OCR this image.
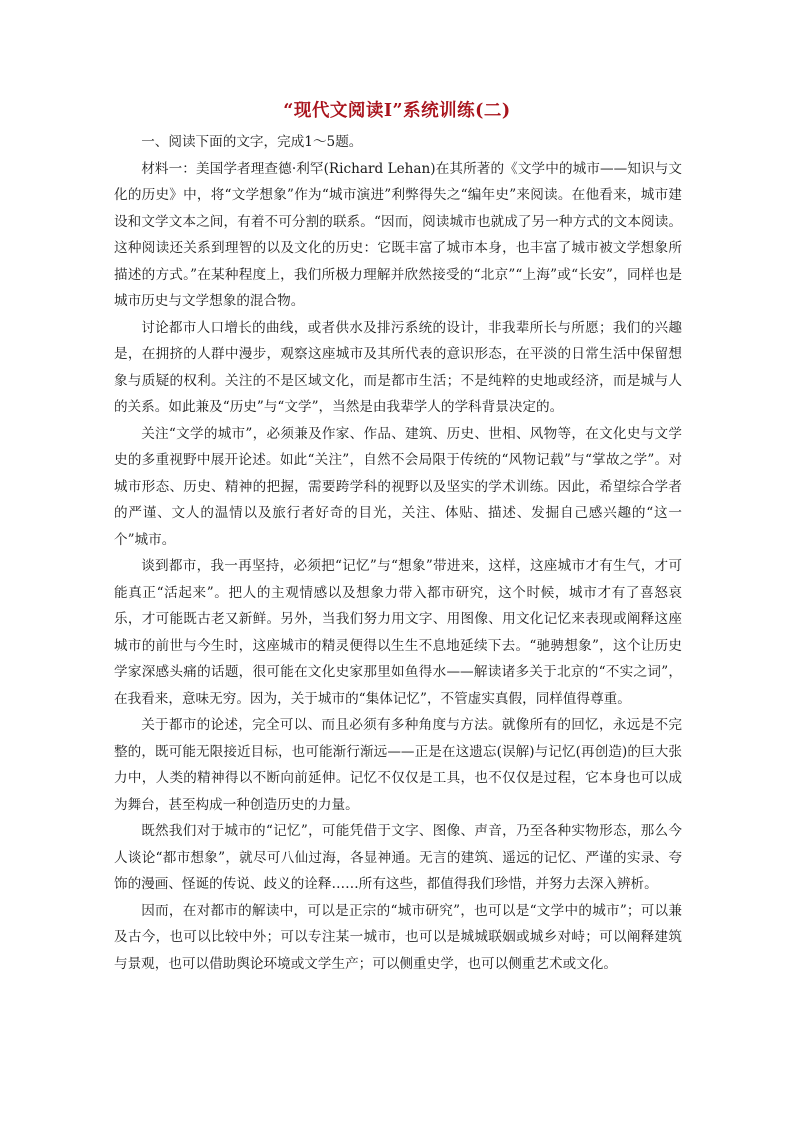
“现代文阅读Ⅰ”系统训练(二)

一、阅读下面的文字，完成1～5题。

材料一：美国学者理查德·利罕(Richard Lehan)在其所著的《文学中的城市——知识与文化的历史》中，将“文学想象”作为“城市演进”利弊得失之“编年史”来阅读。在他看来，城市建设和文学文本之间，有着不可分割的联系。“因而，阅读城市也就成了另一种方式的文本阅读。这种阅读还关系到理智的以及文化的历史：它既丰富了城市本身，也丰富了城市被文学想象所描述的方式。”在某种程度上，我们所极力理解并欣然接受的“北京”“上海”或“长安”，同样也是城市历史与文学想象的混合物。

讨论都市人口增长的曲线，或者供水及排污系统的设计，非我辈所长与所愿；我们的兴趣是，在拥挤的人群中漫步，观察这座城市及其所代表的意识形态，在平淡的日常生活中保留想象与质疑的权利。关注的不是区域文化，而是都市生活；不是纯粹的史地或经济，而是城与人的关系。如此兼及“历史”与“文学”，当然是由我辈学人的学科背景决定的。

关注“文学的城市”，必须兼及作家、作品、建筑、历史、世相、风物等，在文化史与文学史的多重视野中展开论述。如此“关注”，自然不会局限于传统的“风物记载”与“掌故之学”。对城市形态、历史、精神的把握，需要跨学科的视野以及坚实的学术训练。因此，希望综合学者的严谨、文人的温情以及旅行者好奇的目光，关注、体贴、描述、发掘自己感兴趣的“这一个”城市。

谈到都市，我一再坚持，必须把“记忆”与“想象”带进来，这样，这座城市才有生气，才可能真正“活起来”。把人的主观情感以及想象力带入都市研究，这个时候，城市才有了喜怒哀乐，才可能既古老又新鲜。另外，当我们努力用文字、用图像、用文化记忆来表现或阐释这座城市的前世与今生时，这座城市的精灵便得以生生不息地延续下去。“驰骋想象”，这个让历史学家深感头痛的话题，很可能在文化史家那里如鱼得水——解读诸多关于北京的“不实之词”，在我看来，意味无穷。因为，关于城市的“集体记忆”，不管虚实真假，同样值得尊重。

关于都市的论述，完全可以、而且必须有多种角度与方法。就像所有的回忆，永远是不完整的，既可能无限接近目标，也可能渐行渐远——正是在这遗忘(误解)与记忆(再创造)的巨大张力中，人类的精神得以不断向前延伸。记忆不仅仅是工具，也不仅仅是过程，它本身也可以成为舞台，甚至构成一种创造历史的力量。

既然我们对于城市的“记忆”，可能凭借于文字、图像、声音，乃至各种实物形态，那么今人谈论“都市想象”，就尽可八仙过海，各显神通。无言的建筑、遥远的记忆、严谨的实录、夸饰的漫画、怪诞的传说、歧义的诠释……所有这些，都值得我们珍惜，并努力去深入辨析。

因而，在对都市的解读中，可以是正宗的“城市研究”，也可以是“文学中的城市”；可以兼及古今，也可以比较中外；可以专注某一城市，也可以是城城联姻或城乡对峙；可以阐释建筑与景观，也可以借助舆论环境或文学生产；可以侧重史学，也可以侧重艺术或文化。
